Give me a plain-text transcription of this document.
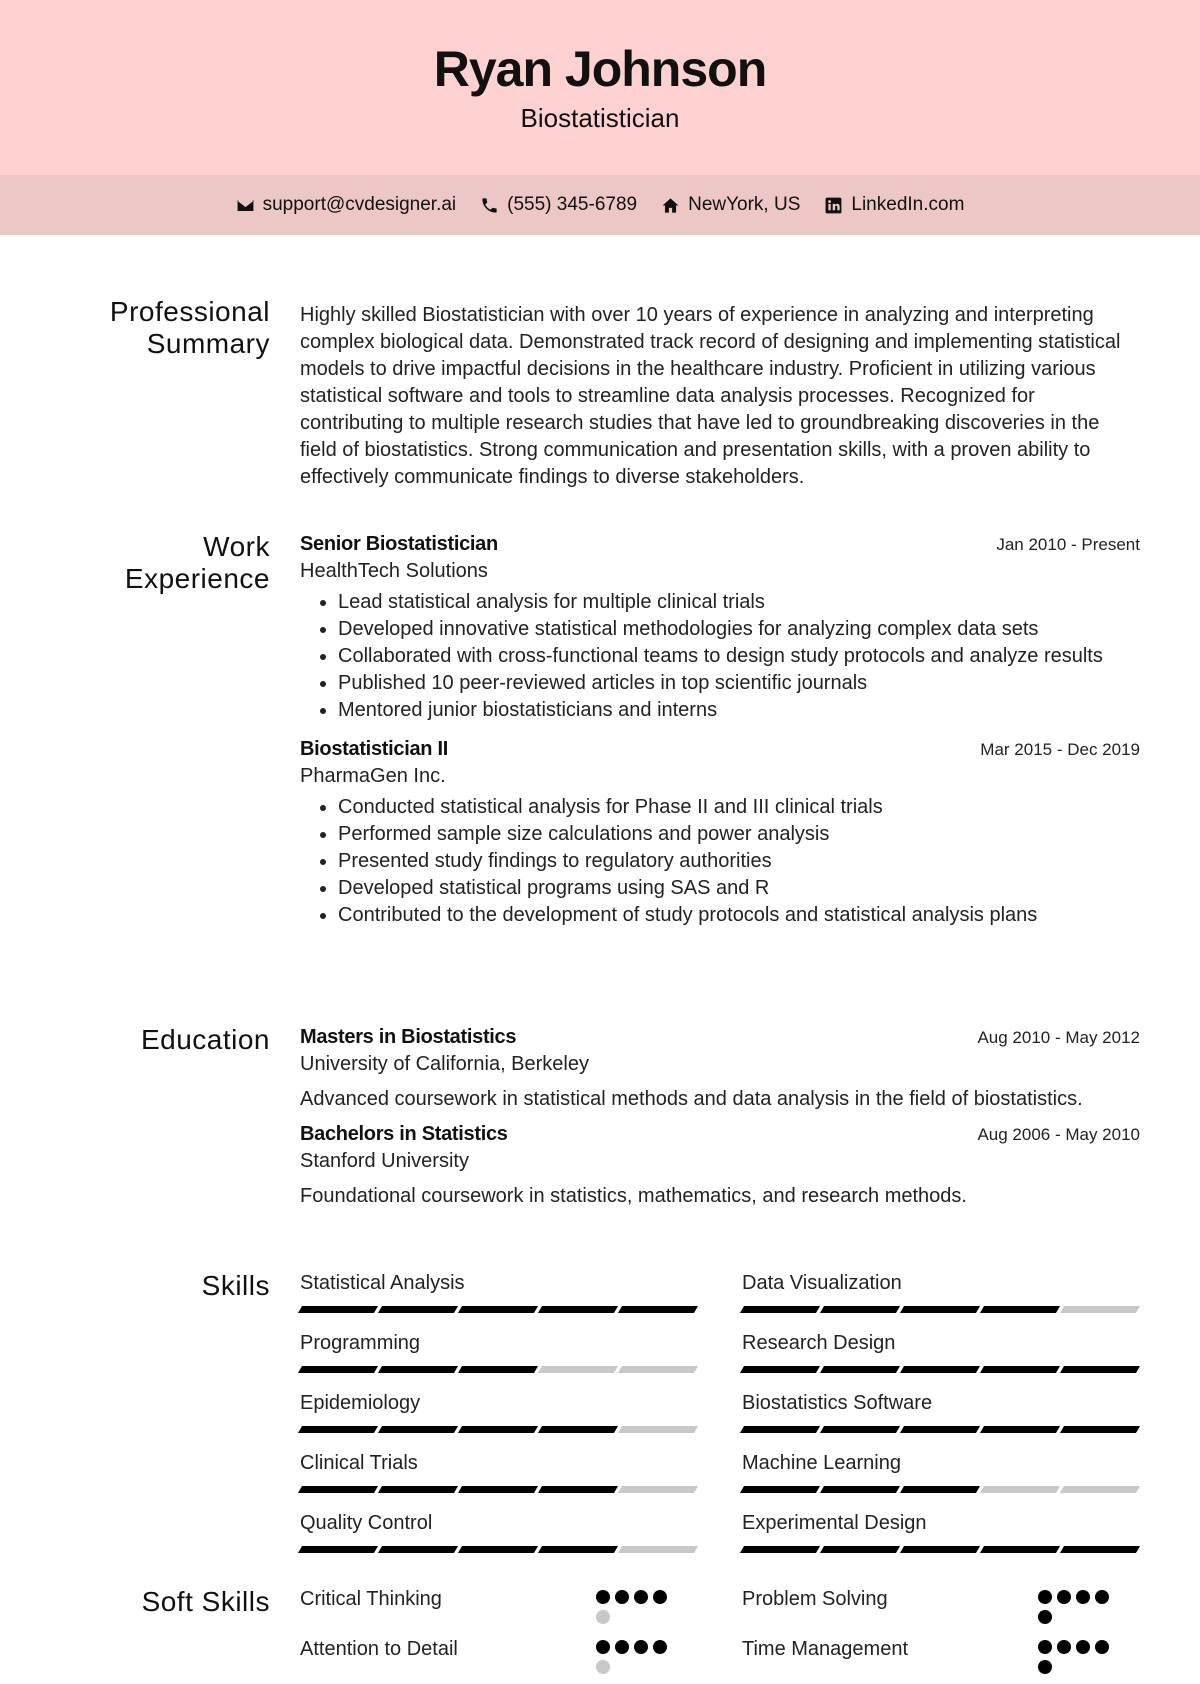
Ryan Johnson
Biostatistician
support@cvdesigner.ai	(555) 345-6789	NewYork, US	LinkedIn.com
Professional Summary
Highly skilled Biostatistician with over 10 years of experience in analyzing and interpreting complex biological data. Demonstrated track record of designing and implementing statistical models to drive impactful decisions in the healthcare industry. Proficient in utilizing various statistical software and tools to streamline data analysis processes. Recognized for contributing to multiple research studies that have led to groundbreaking discoveries in the field of biostatistics. Strong communication and presentation skills, with a proven ability to effectively communicate findings to diverse stakeholders.
Work Experience
Senior Biostatistician	Jan 2010 - Present
HealthTech Solutions
• Lead statistical analysis for multiple clinical trials
• Developed innovative statistical methodologies for analyzing complex data sets
• Collaborated with cross-functional teams to design study protocols and analyze results
• Published 10 peer-reviewed articles in top scientific journals
• Mentored junior biostatisticians and interns
Biostatistician II	Mar 2015 - Dec 2019
PharmaGen Inc.
• Conducted statistical analysis for Phase II and III clinical trials
• Performed sample size calculations and power analysis
• Presented study findings to regulatory authorities
• Developed statistical programs using SAS and R
• Contributed to the development of study protocols and statistical analysis plans
Education Masters in Biostatistics	Aug 2010 - May 2012
University of California, Berkeley
Advanced coursework in statistical methods and data analysis in the field of biostatistics.
Bachelors in Statistics	Aug 2006 - May 2010
Stanford University
Foundational coursework in statistics, mathematics, and research methods.
Skills Statistical Analysis	Data Visualization
Programming	Research Design
Epidemiology	Biostatistics Software
Clinical Trials	Machine Learning
Quality Control	Experimental Design
Soft Skills Critical Thinking	Problem Solving
Attention to Detail	Time Management
